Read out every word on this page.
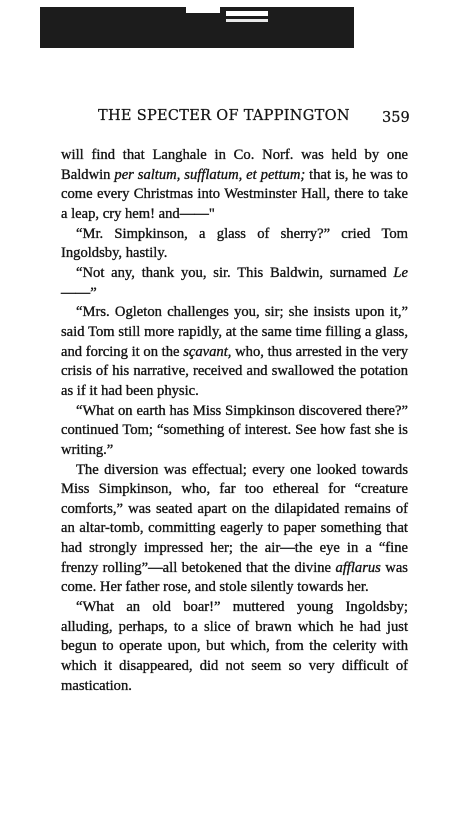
THE SPECTER OF TAPPINGTON 359

will find that Langhale in Co. Norf. was held by one Baldwin per saltum, sufflatum, et pettum; that is, he was to come every Christmas into Westminster Hall, there to take a leap, cry hem! and——"

“Mr. Simpkinson, a glass of sherry?” cried Tom Ingoldsby, hastily.

“Not any, thank you, sir. This Baldwin, surnamed Le——”

“Mrs. Ogleton challenges you, sir; she insists upon it,” said Tom still more rapidly, at the same time filling a glass, and forcing it on the sçavant, who, thus arrested in the very crisis of his narrative, received and swallowed the potation as if it had been physic.

“What on earth has Miss Simpkinson discovered there?” continued Tom; “something of interest. See how fast she is writing.”

The diversion was effectual; every one looked towards Miss Simpkinson, who, far too ethereal for “creature comforts,” was seated apart on the dilapidated remains of an altar-tomb, committing eagerly to paper something that had strongly impressed her; the air—the eye in a “fine frenzy rolling”—all betokened that the divine afflarus was come. Her father rose, and stole silently towards her.

“What an old boar!” muttered young Ingoldsby; alluding, perhaps, to a slice of brawn which he had just begun to operate upon, but which, from the celerity with which it disappeared, did not seem so very difficult of mastication.
